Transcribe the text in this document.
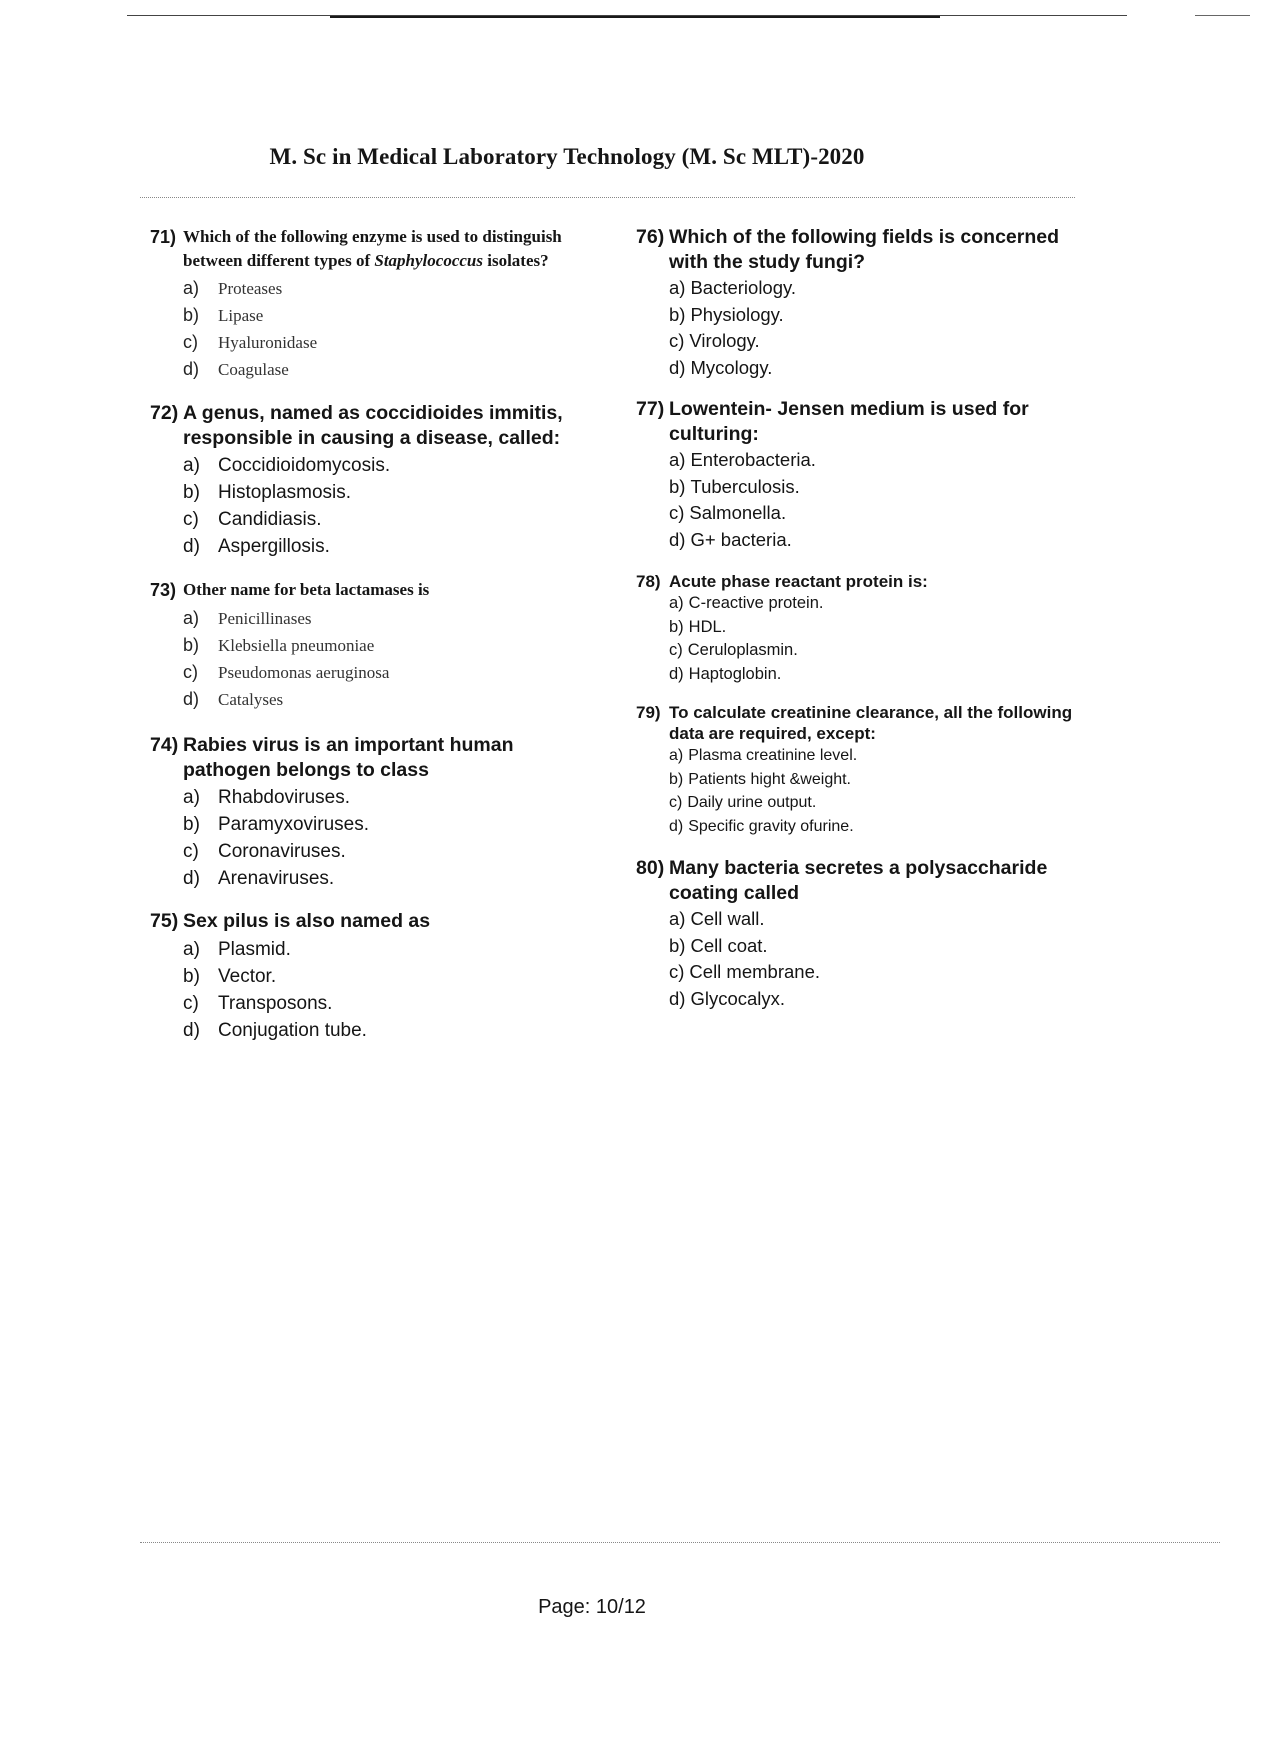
M. Sc in Medical Laboratory Technology (M. Sc MLT)-2020
71) Which of the following enzyme is used to distinguish between different types of Staphylococcus isolates?
a)	Proteases
b)	Lipase
c)	Hyaluronidase
d)	Coagulase
72) A genus, named as coccidioides immitis, responsible in causing a disease, called:
a) Coccidioidomycosis.
b) Histoplasmosis.
c)	Candidiasis.
d) Aspergillosis.
73) Other name for beta lactamases is
a)	Penicillinases
b)	Klebsiella pneumoniae
c)	Pseudomonas aeruginosa
d)	Catalyses
74) Rabies virus is an important human pathogen belongs to class
a) Rhabdoviruses.
b) Paramyxoviruses.
c)	Coronaviruses.
d) Arenaviruses.
75) Sex pilus is also named as
a) Plasmid.
b) Vector.
c)	Transposons.
d) Conjugation tube.
76) Which of the following fields is concerned with the study fungi?
a) Bacteriology.
b) Physiology.
c) Virology.
d) Mycology.
77) Lowentein- Jensen medium is used for culturing:
a) Enterobacteria.
b) Tuberculosis.
c) Salmonella.
d) G+ bacteria.
78) Acute phase reactant protein is:
a) C-reactive protein.
b) HDL.
c) Ceruloplasmin.
d) Haptoglobin.
79) To calculate creatinine clearance, all the following data are required, except:
a) Plasma creatinine level.
b) Patients hight &weight.
c) Daily urine output.
d) Specific gravity ofurine.
80) Many bacteria secretes a polysaccharide coating called
a) Cell wall.
b) Cell coat.
c) Cell membrane.
d) Glycocalyx.

Page: 10/12
